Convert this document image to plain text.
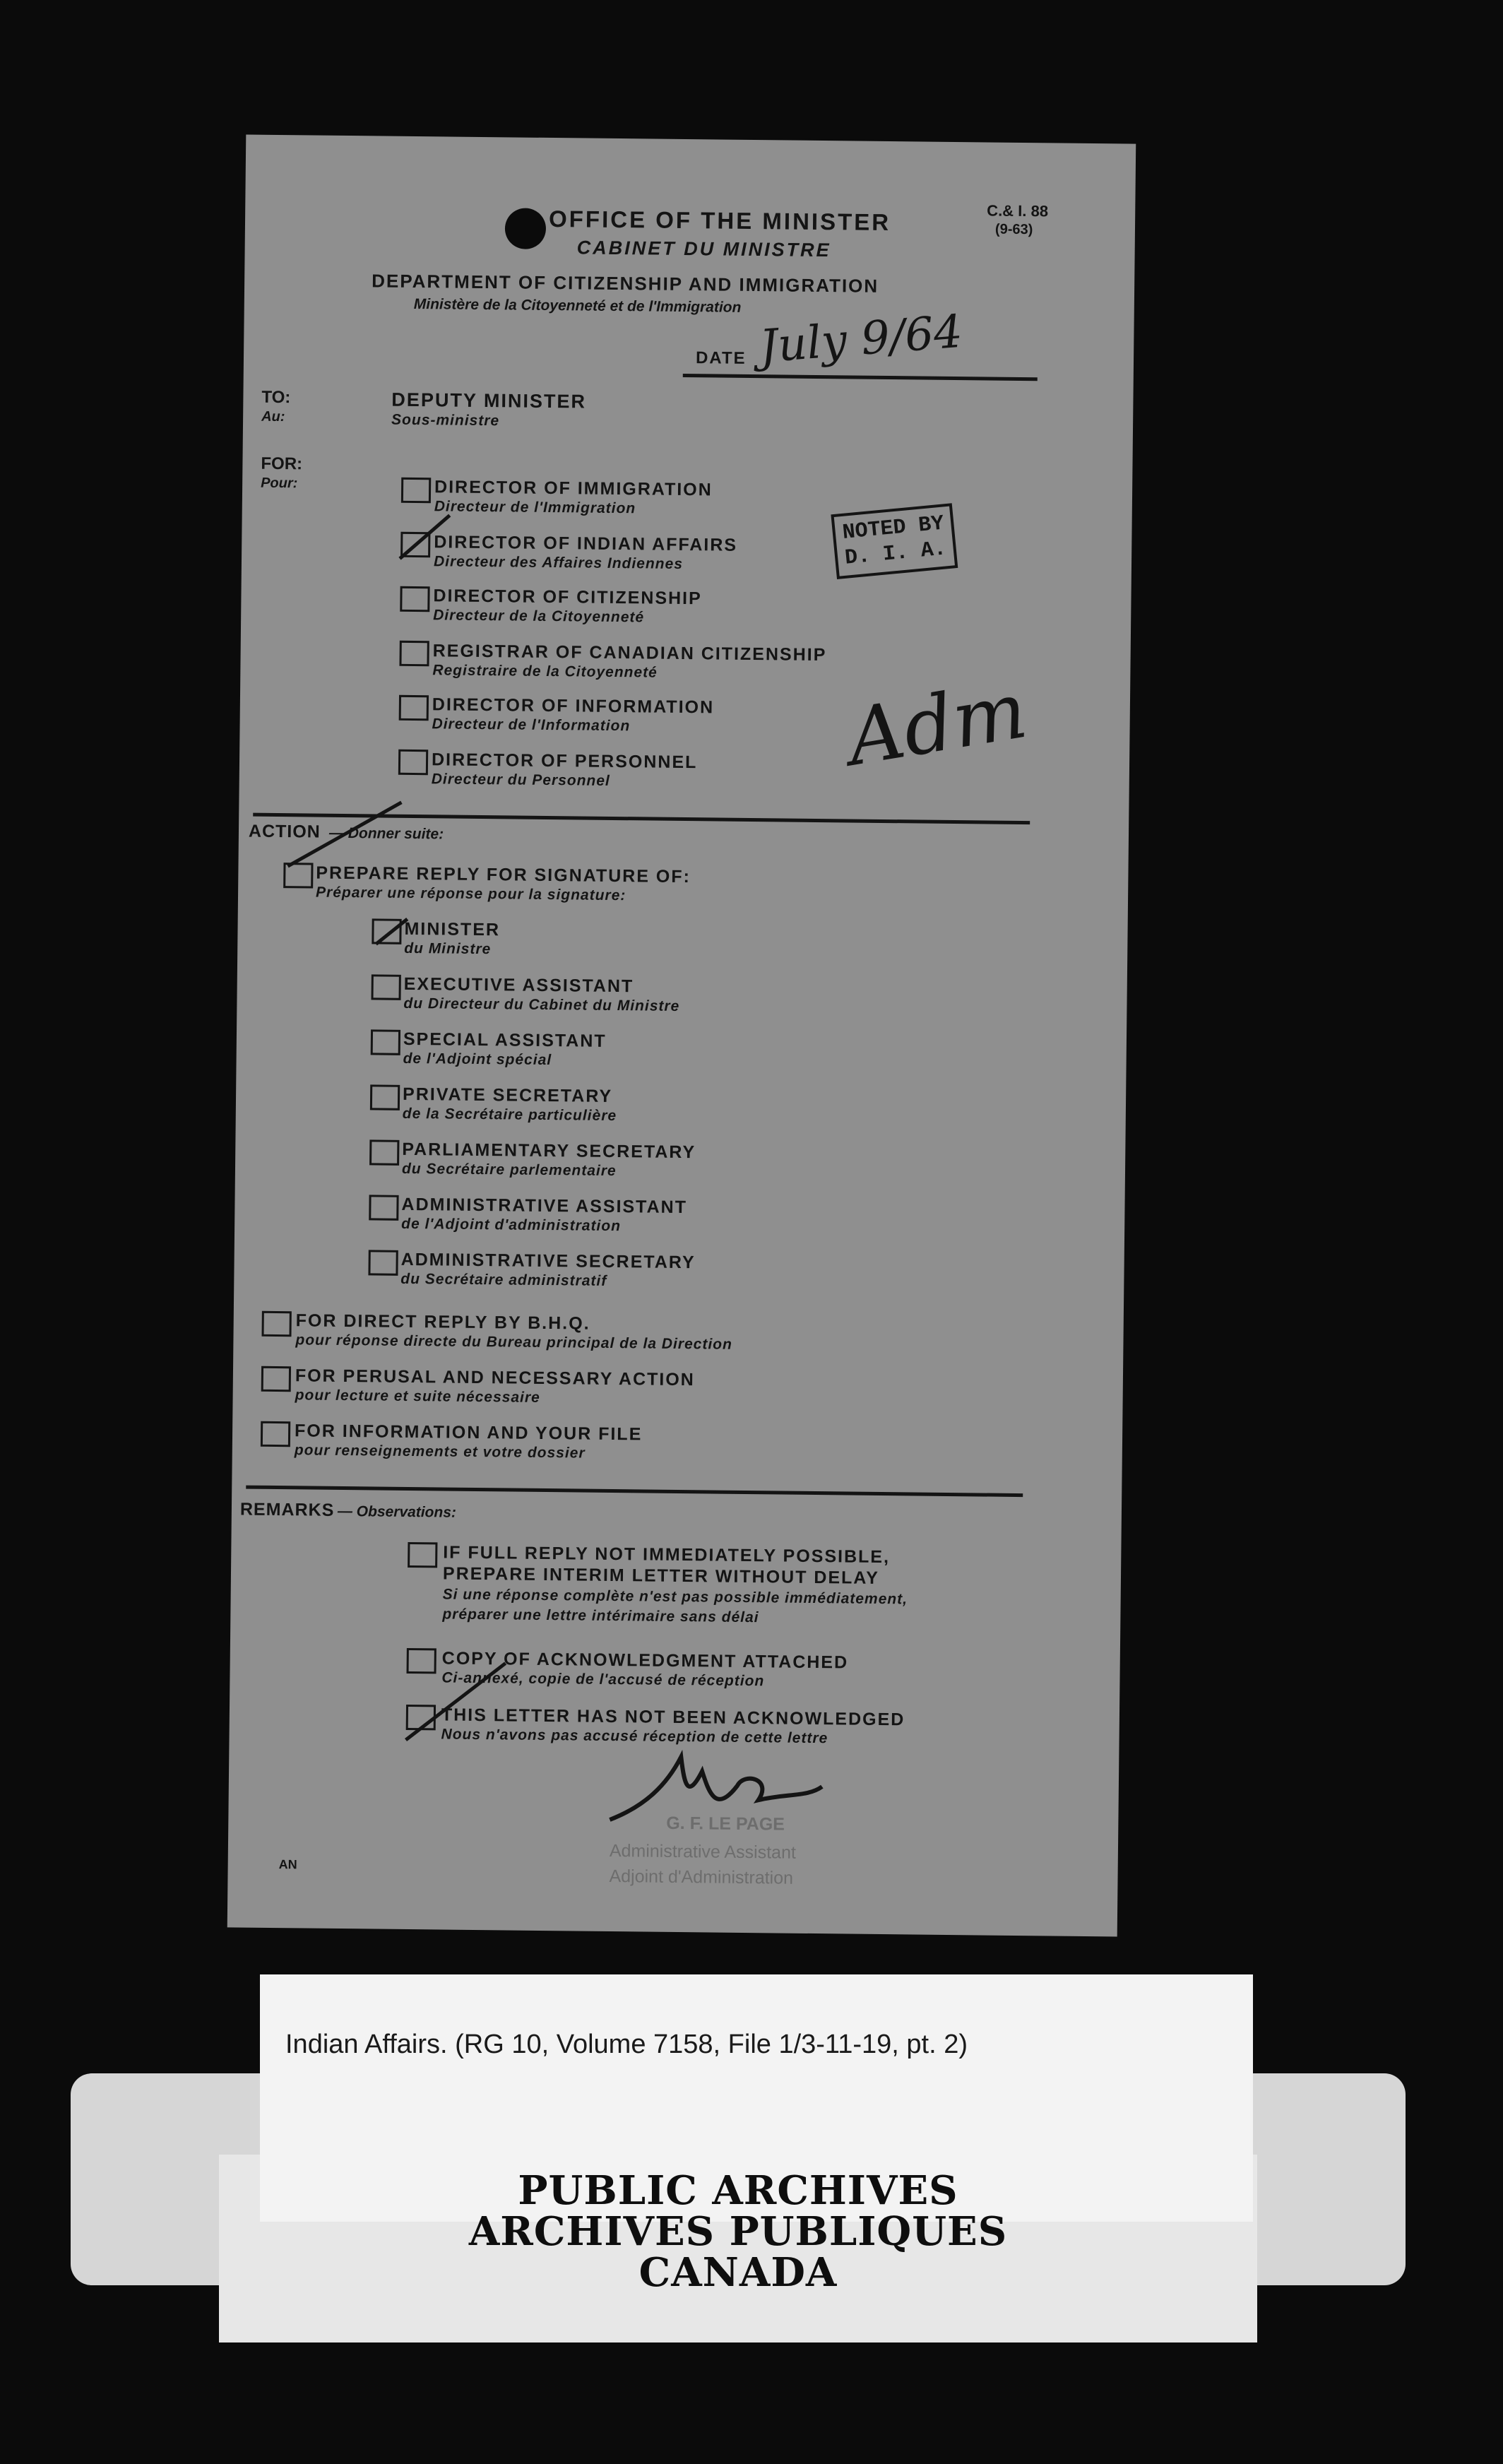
OFFICE OF THE MINISTER
CABINET DU MINISTRE
C.& I. 88
(9-63)
DEPARTMENT OF CITIZENSHIP AND IMMIGRATION
Ministère de la Citoyenneté et de l'Immigration
DATE July 9/64
TO:
Au:
DEPUTY MINISTER
Sous-ministre
FOR:
Pour:	DIRECTOR OF IMMIGRATION
Directeur de l'Immigration
DIRECTOR OF INDIAN AFFAIRS
Directeur des Affaires Indiennes
DIRECTOR OF CITIZENSHIP
Directeur de la Citoyenneté
REGISTRAR OF CANADIAN CITIZENSHIP
Registraire de la Citoyenneté
DIRECTOR OF INFORMATION
Directeur de l'Information
DIRECTOR OF PERSONNEL
Directeur du Personnel
NOTED BY
D. I. A.
Adm
ACTION — Donner suite:
PREPARE REPLY FOR SIGNATURE OF:
Préparer une réponse pour la signature:
MINISTER
du Ministre
EXECUTIVE ASSISTANT
du Directeur du Cabinet du Ministre
SPECIAL ASSISTANT
de l'Adjoint spécial
PRIVATE SECRETARY
de la Secrétaire particulière
PARLIAMENTARY SECRETARY
du Secrétaire parlementaire
ADMINISTRATIVE ASSISTANT
de l'Adjoint d'administration
ADMINISTRATIVE SECRETARY
du Secrétaire administratif
FOR DIRECT REPLY BY B.H.Q.
pour réponse directe du Bureau principal de la Direction
FOR PERUSAL AND NECESSARY ACTION
pour lecture et suite nécessaire
FOR INFORMATION AND YOUR FILE
pour renseignements et votre dossier
REMARKS — Observations:
IF FULL REPLY NOT IMMEDIATELY POSSIBLE,
PREPARE INTERIM LETTER WITHOUT DELAY
Si une réponse complète n'est pas possible immédiatement,
préparer une lettre intérimaire sans délai
COPY OF ACKNOWLEDGMENT ATTACHED
Ci-annexé, copie de l'accusé de réception
THIS LETTER HAS NOT BEEN ACKNOWLEDGED
Nous n'avons pas accusé réception de cette lettre
G. F. LE PAGE
Administrative Assistant
Adjoint d'Administration
AN
Indian Affairs. (RG 10, Volume 7158, File 1/3-11-19, pt. 2)
PUBLIC ARCHIVES
ARCHIVES PUBLIQUES
CANADA
